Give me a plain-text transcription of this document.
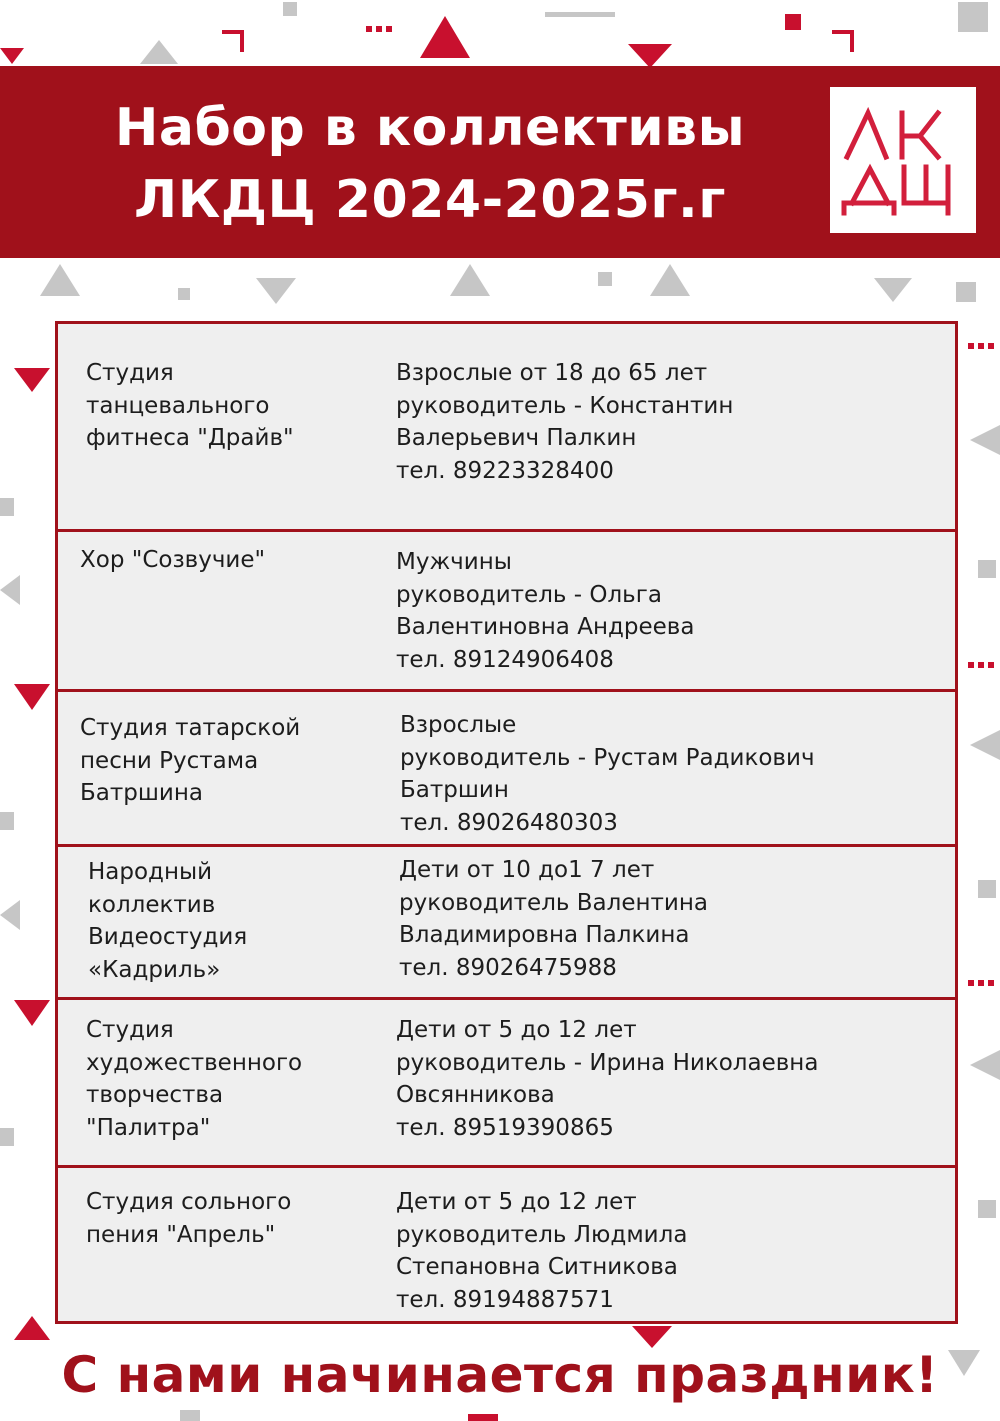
Набор в коллективы
ЛКДЦ 2024-2025г.г
Студия
танцевального
фитнеса "Драйв"
Взрослые от 18 до 65 лет
руководитель - Константин
Валерьевич Палкин
тел. 89223328400
Хор "Созвучие"	Мужчины
руководитель - Ольга
Валентиновна Андреева
тел. 89124906408
Студия татарской
песни Рустама
Батршина
Взрослые
руководитель - Рустам Радикович
Батршин
тел. 89026480303
Народный
коллектив
Видеостудия
«Кадриль»
Дети от 10 до1 7 лет
руководитель Валентина
Владимировна Палкина
тел. 89026475988
Студия
художественного
творчества
"Палитра"
Дети от 5 до 12 лет
руководитель - Ирина Николаевна
Овсянникова
тел. 89519390865
Студия сольного
пения "Апрель"
Дети от 5 до 12 лет
руководитель Людмила
Степановна Ситникова
тел. 89194887571
С нами начинается праздник!
